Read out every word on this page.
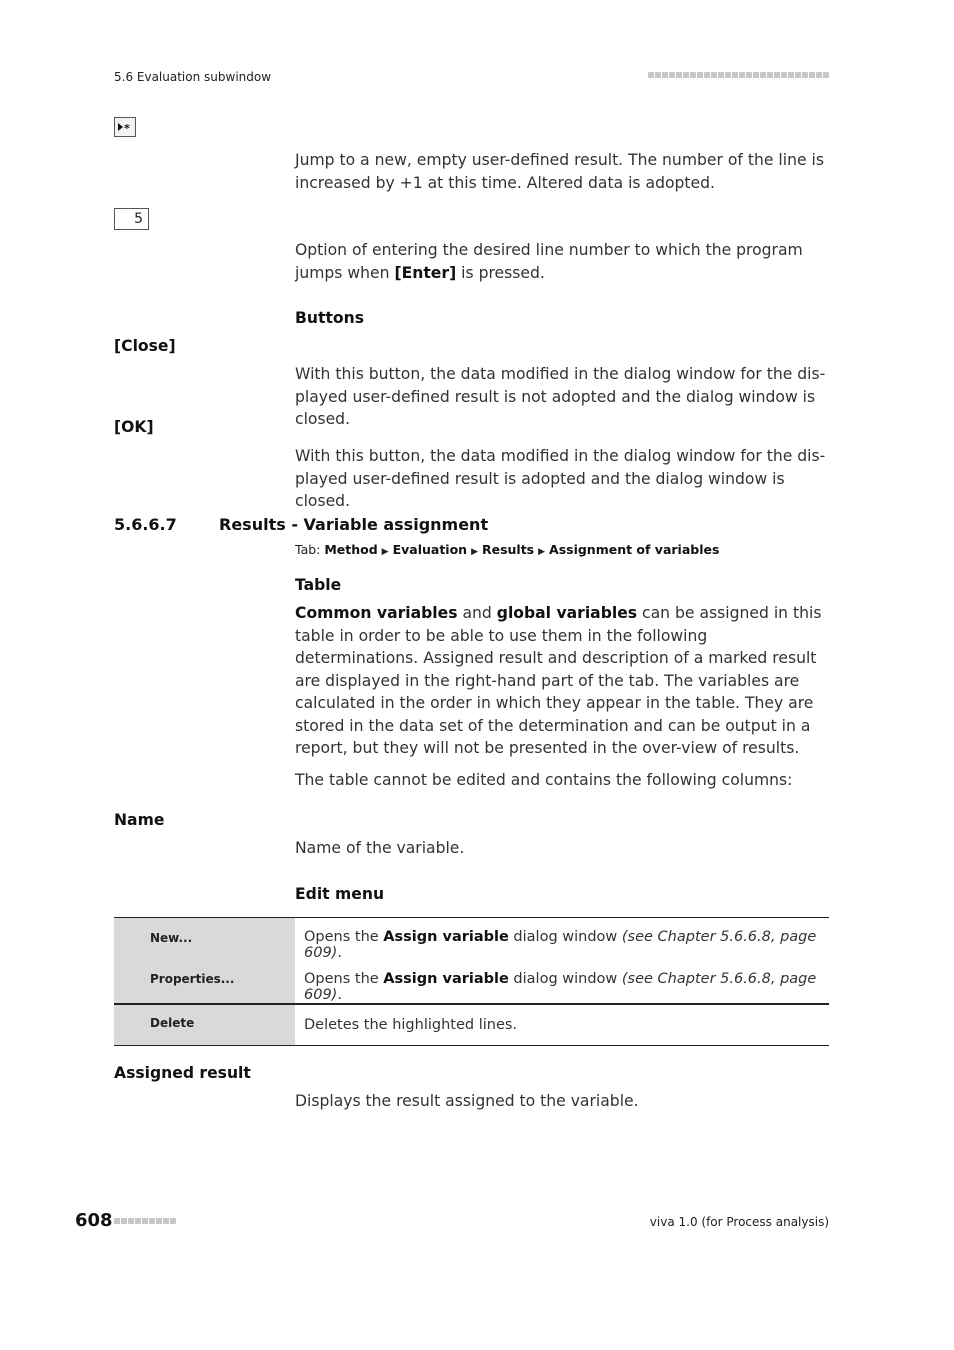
5.6 Evaluation subwindow
*
Jump to a new, empty user-defined result. The number of the line is increased by +1 at this time. Altered data is adopted.
5
Option of entering the desired line number to which the program jumps when [Enter] is pressed.
Buttons
[Close]
With this button, the data modified in the dialog window for the dis-played user-defined result is not adopted and the dialog window is closed.
[OK]
With this button, the data modified in the dialog window for the dis-played user-defined result is adopted and the dialog window is closed.
5.6.6.7	Results - Variable assignment
Tab: Method ▶ Evaluation ▶ Results ▶ Assignment of variables
Table
Common variables and global variables can be assigned in this table in order to be able to use them in the following determinations. Assigned result and description of a marked result are displayed in the right-hand part of the tab. The variables are calculated in the order in which they appear in the table. They are stored in the data set of the determination and can be output in a report, but they will not be presented in the over-view of results.
The table cannot be edited and contains the following columns:
Name
Name of the variable.
Edit menu
New...	Opens the Assign variable dialog window (see Chapter 5.6.6.8, page 609).
Properties...	Opens the Assign variable dialog window (see Chapter 5.6.6.8, page 609).
Delete	Deletes the highlighted lines.
Assigned result
Displays the result assigned to the variable.
608	viva 1.0 (for Process analysis)
